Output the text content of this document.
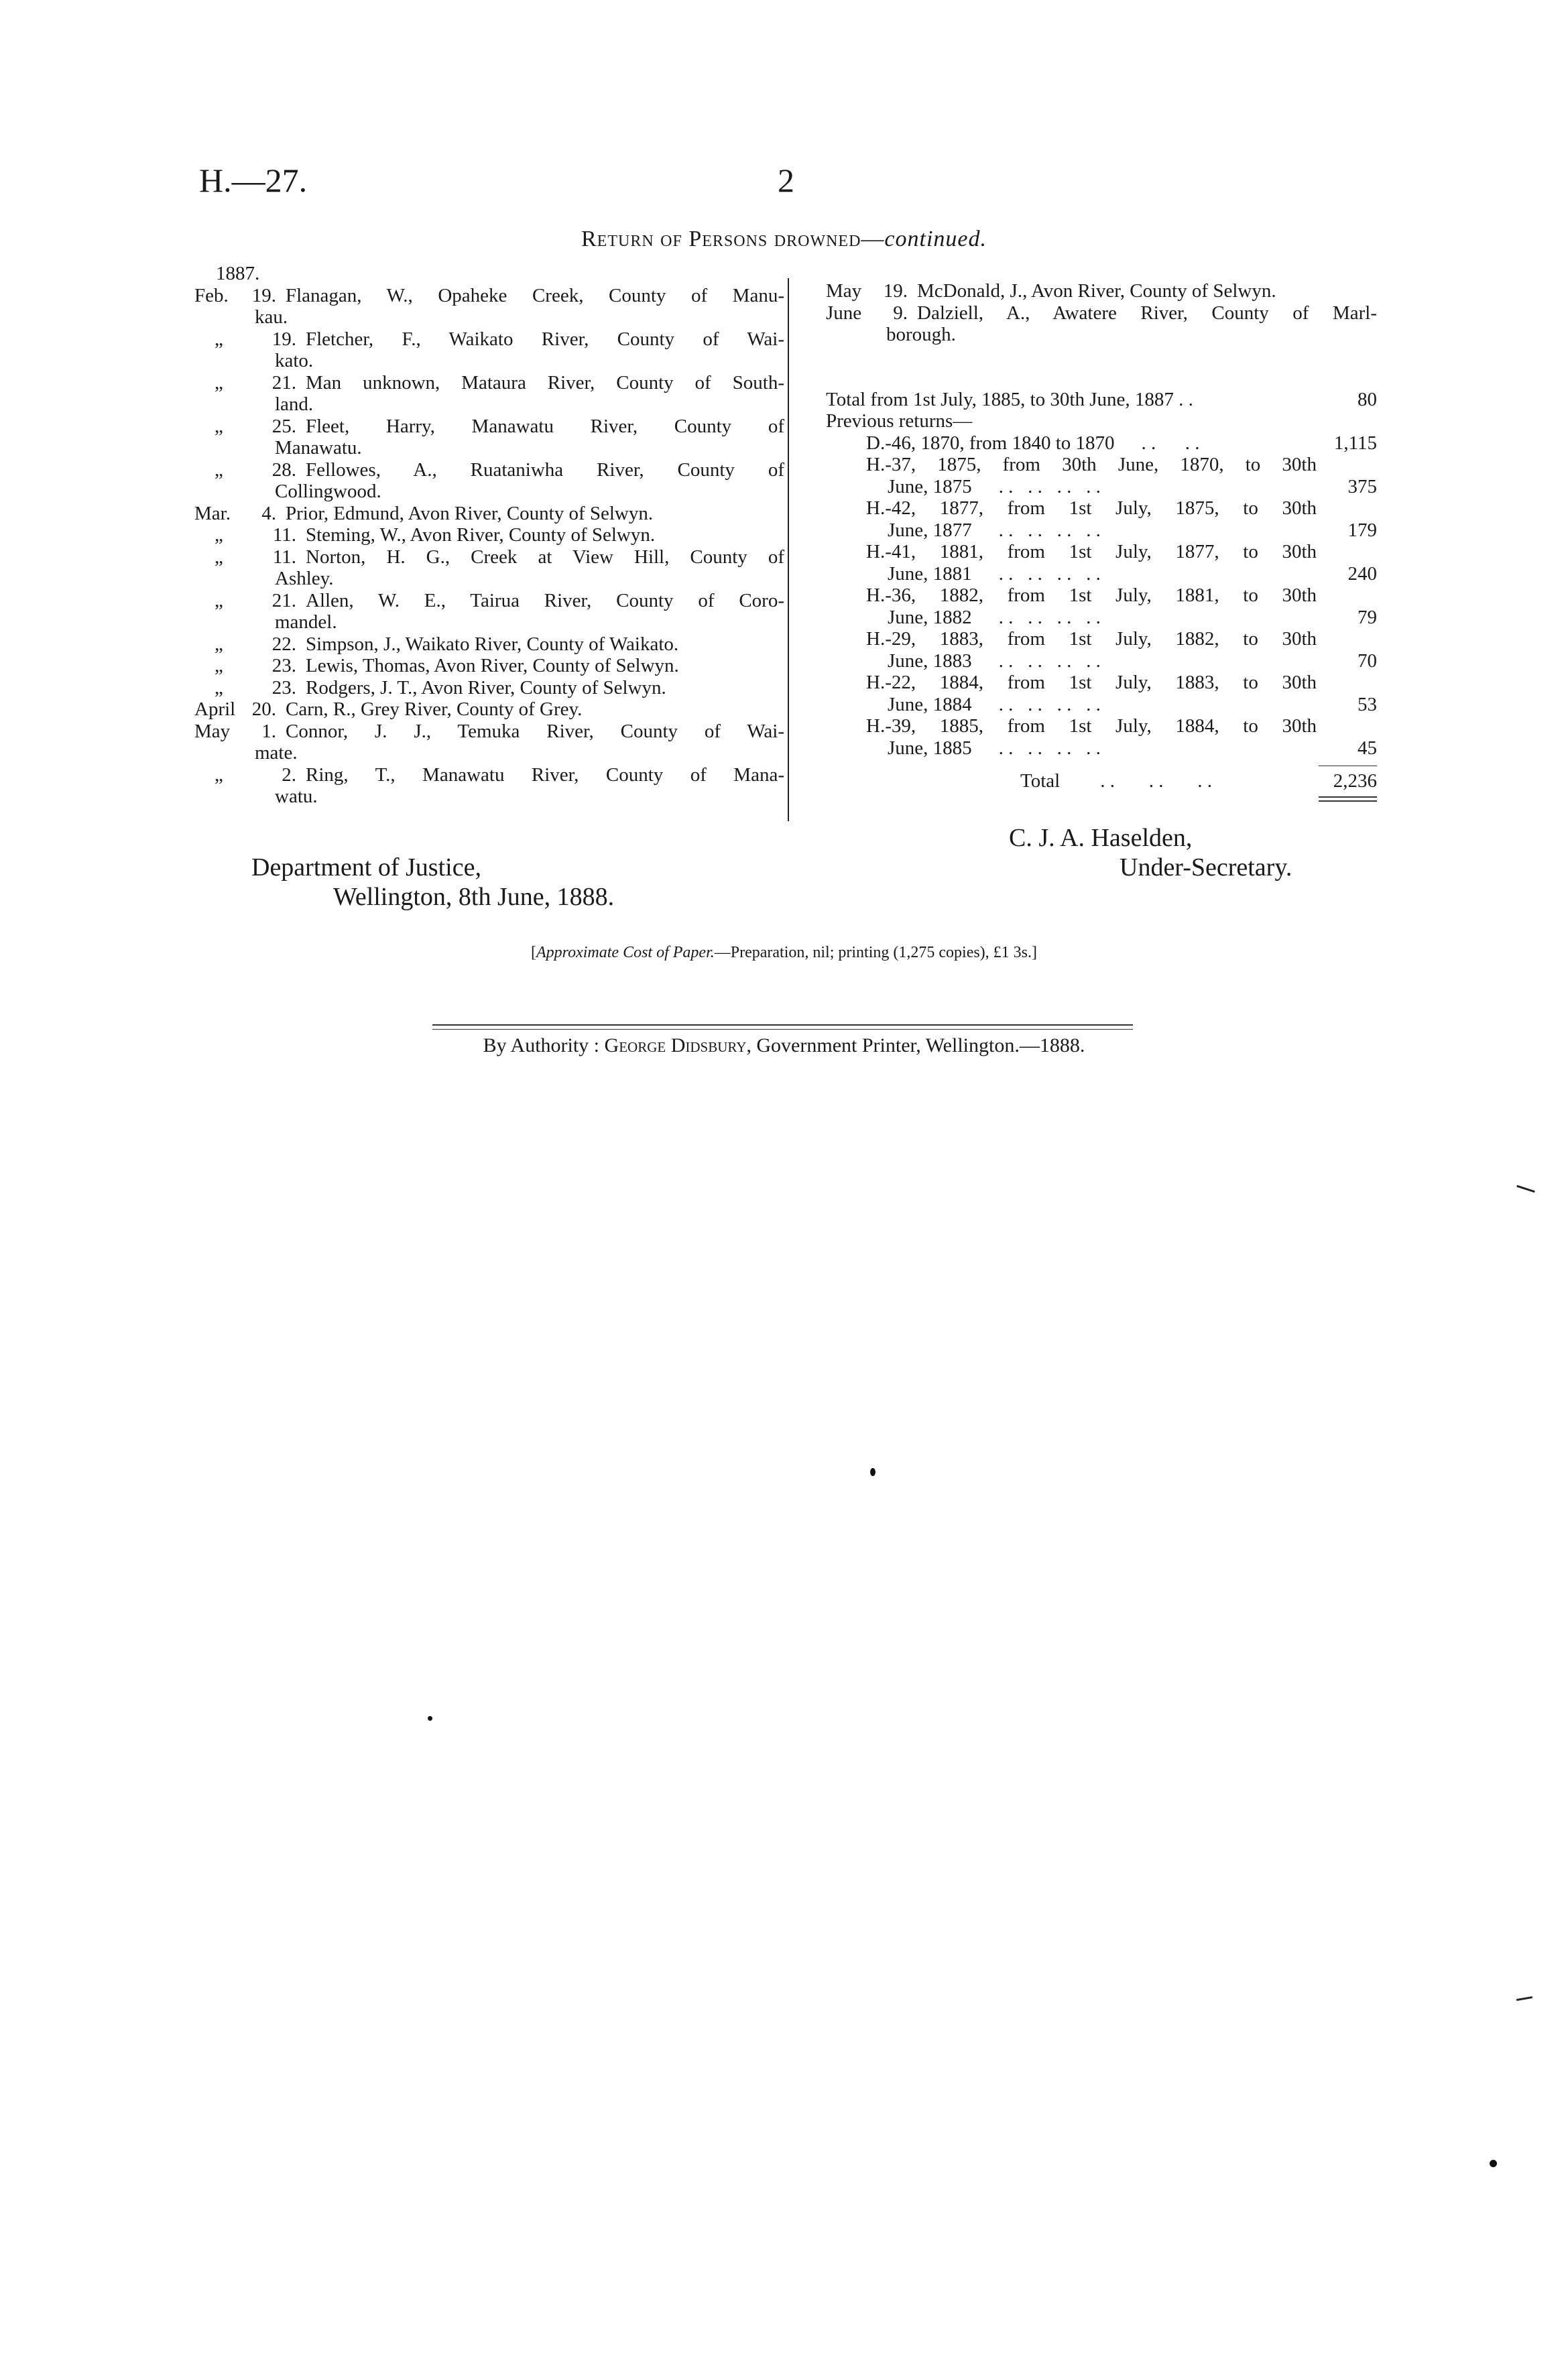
H.—27.	2
Return of Persons drowned—continued.
1887.
Feb.	19. Flanagan, W., Opaheke Creek, County of Manu-
kau.
„	19. Fletcher, F., Waikato River, County of Wai-
kato.
„	21. Man unknown, Mataura River, County of South-
land.
„	25. Fleet, Harry, Manawatu River, County of
Manawatu.
„	28. Fellowes, A., Ruataniwha River, County of
Collingwood.
Mar.	4. Prior, Edmund, Avon River, County of Selwyn.
„	11. Steming, W., Avon River, County of Selwyn.
„	11. Norton, H. G., Creek at View Hill, County of
Ashley.
„	21. Allen, W. E., Tairua River, County of Coro-
mandel.
„	22. Simpson, J., Waikato River, County of Waikato.
„	23. Lewis, Thomas, Avon River, County of Selwyn.
„	23. Rodgers, J. T., Avon River, County of Selwyn.
April 20. Carn, R., Grey River, County of Grey.
May	1. Connor, J. J., Temuka River, County of Wai-
mate.
„	2. Ring, T., Manawatu River, County of Mana-
watu.
May	19. McDonald, J., Avon River, County of Selwyn.
June	9. Dalziell, A., Awatere River, County of Marl-
borough.
Total from 1st July, 1885, to 30th June, 1887 . .	80
Previous returns—
D.-46, 1870, from 1840 to 1870 . .      . .	1,115
H.-37, 1875, from 30th June, 1870, to 30th
June, 1875 . .   . .   . .   . .	375
H.-42, 1877, from 1st July, 1875, to 30th
June, 1877 . .   . .   . .   . .	179
H.-41, 1881, from 1st July, 1877, to 30th
June, 1881 . .   . .   . .   . .	240
H.-36, 1882, from 1st July, 1881, to 30th
June, 1882 . .   . .   . .   . .	79
H.-29, 1883, from 1st July, 1882, to 30th
June, 1883 . .   . .   . .   . .	70
H.-22, 1884, from 1st July, 1883, to 30th
June, 1884 . .   . .   . .   . .	53
H.-39, 1885, from 1st July, 1884, to 30th
June, 1885 . .   . .   . .   . .	45
Total . .       . .       . .	2,236
C. J. A. Haselden,
Under-Secretary.
Department of Justice,
Wellington, 8th June, 1888.
[Approximate Cost of Paper.—Preparation, nil; printing (1,275 copies), £1 3s.]
By Authority : George Didsbury, Government Printer, Wellington.—1888.
